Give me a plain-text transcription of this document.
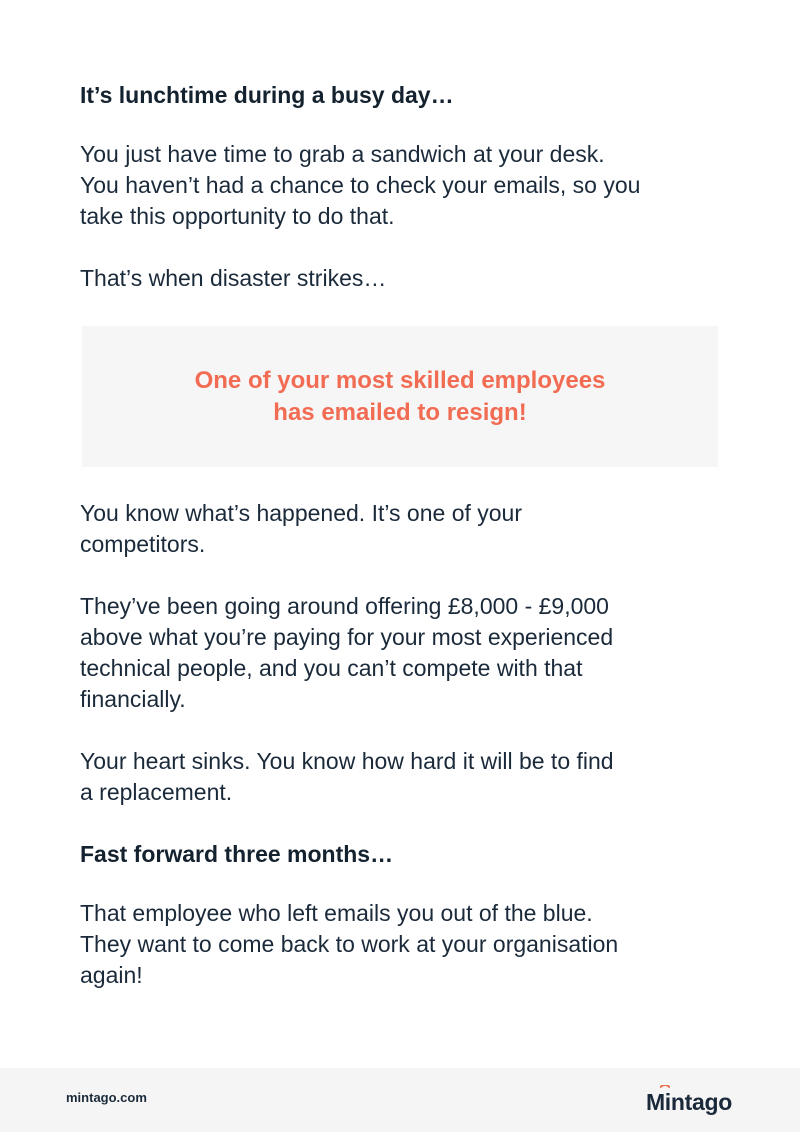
It’s lunchtime during a busy day…

You just have time to grab a sandwich at your desk.
You haven’t had a chance to check your emails, so you
take this opportunity to do that.

That’s when disaster strikes…

One of your most skilled employees
has emailed to resign!

You know what’s happened. It’s one of your
competitors.

They’ve been going around offering £8,000 - £9,000
above what you’re paying for your most experienced
technical people, and you can’t compete with that
financially.

Your heart sinks. You know how hard it will be to find
a replacement.

Fast forward three months…

That employee who left emails you out of the blue.
They want to come back to work at your organisation
again!

mintago.com	Mintago
